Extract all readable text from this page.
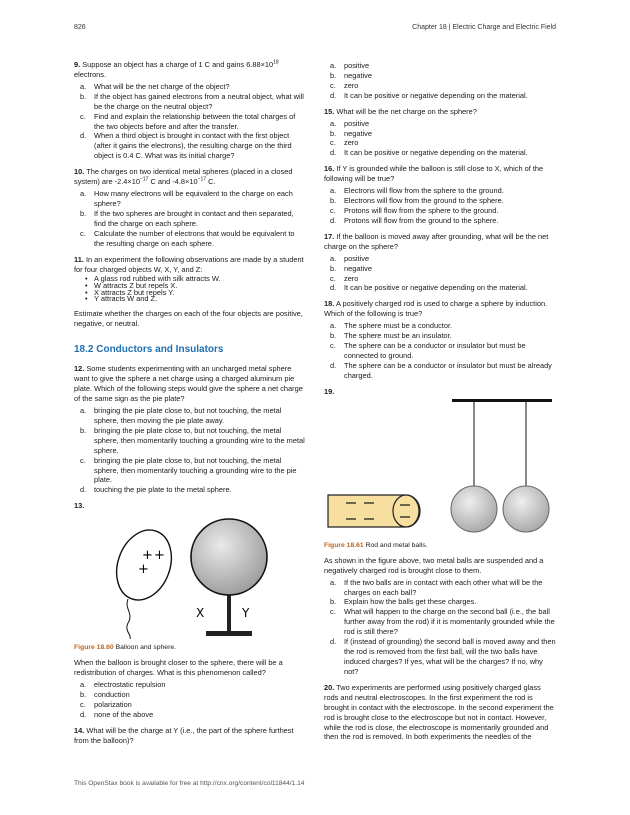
826	Chapter 18 | Electric Charge and Electric Field

9. Suppose an object has a charge of 1 C and gains $6.88\times 10^{18}$ electrons.

a. What will be the net charge of the object?
b. If the object has gained electrons from a neutral object, what will be the charge on the neutral object?
c. Find and explain the relationship between the total charges of the two objects before and after the transfer.
d. When a third object is brought in contact with the first object (after it gains the electrons), the resulting charge on the third object is 0.4 C. What was its initial charge?

10. The charges on two identical metal spheres (placed in a closed system) are $-2.4\times 10^{-17}$ C and $-4.8\times 10^{-17}$ C.

a. How many electrons will be equivalent to the charge on each sphere?
b. If the two spheres are brought in contact and then separated, find the charge on each sphere.
c. Calculate the number of electrons that would be equivalent to the resulting charge on each sphere.

11. In an experiment the following observations are made by a student for four charged objects W, X, Y, and Z:

• A glass rod rubbed with silk attracts W.
• W attracts Z but repels X.
• X attracts Z but repels Y.
• Y attracts W and Z.

Estimate whether the charges on each of the four objects are positive, negative, or neutral.

18.2 Conductors and Insulators

12. Some students experimenting with an uncharged metal sphere want to give the sphere a net charge using a charged aluminum pie plate. Which of the following steps would give the sphere a net charge of the same sign as the pie plate?

a. bringing the pie plate close to, but not touching, the metal sphere, then moving the pie plate away.
b. bringing the pie plate close to, but not touching, the metal sphere, then momentarily touching a grounding wire to the metal sphere.
c. bringing the pie plate close to, but not touching, the metal sphere, then momentarily touching a grounding wire to the pie plate.
d. touching the pie plate to the metal sphere.

13.

+ +
+
X	Y

Figure 18.60 Balloon and sphere.

When the balloon is brought closer to the sphere, there will be a redistribution of charges. What is this phenomenon called?

a. electrostatic repulsion
b. conduction
c. polarization
d. none of the above

14. What will be the charge at Y (i.e., the part of the sphere furthest from the balloon)?

a. positive
b. negative
c. zero
d. It can be positive or negative depending on the material.

15. What will be the net charge on the sphere?

a. positive
b. negative
c. zero
d. It can be positive or negative depending on the material.

16. If Y is grounded while the balloon is still close to X, which of the following will be true?

a. Electrons will flow from the sphere to the ground.
b. Electrons will flow from the ground to the sphere.
c. Protons will flow from the sphere to the ground.
d. Protons will flow from the ground to the sphere.

17. If the balloon is moved away after grounding, what will be the net charge on the sphere?

a. positive
b. negative
c. zero
d. It can be positive or negative depending on the material.

18. A positively charged rod is used to charge a sphere by induction. Which of the following is true?

a. The sphere must be a conductor.
b. The sphere must be an insulator.
c. The sphere can be a conductor or insulator but must be connected to ground.
d. The sphere can be a conductor or insulator but must be already charged.

19.

Figure 18.61 Rod and metal balls.

As shown in the figure above, two metal balls are suspended and a negatively charged rod is brought close to them.

a. If the two balls are in contact with each other what will be the charges on each ball?
b. Explain how the balls get these charges.
c. What will happen to the charge on the second ball (i.e., the ball further away from the rod) if it is momentarily grounded while the rod is still there?
d. If (instead of grounding) the second ball is moved away and then the rod is removed from the first ball, will the two balls have induced charges? If yes, what will be the charges? If no, why not?

20. Two experiments are performed using positively charged glass rods and neutral electroscopes. In the first experiment the rod is brought in contact with the electroscope. In the second experiment the rod is brought close to the electroscope but not in contact. However, while the rod is close, the electroscope is momentarily grounded and then the rod is removed. In both experiments the needles of the

This OpenStax book is available for free at http://cnx.org/content/col11844/1.14
